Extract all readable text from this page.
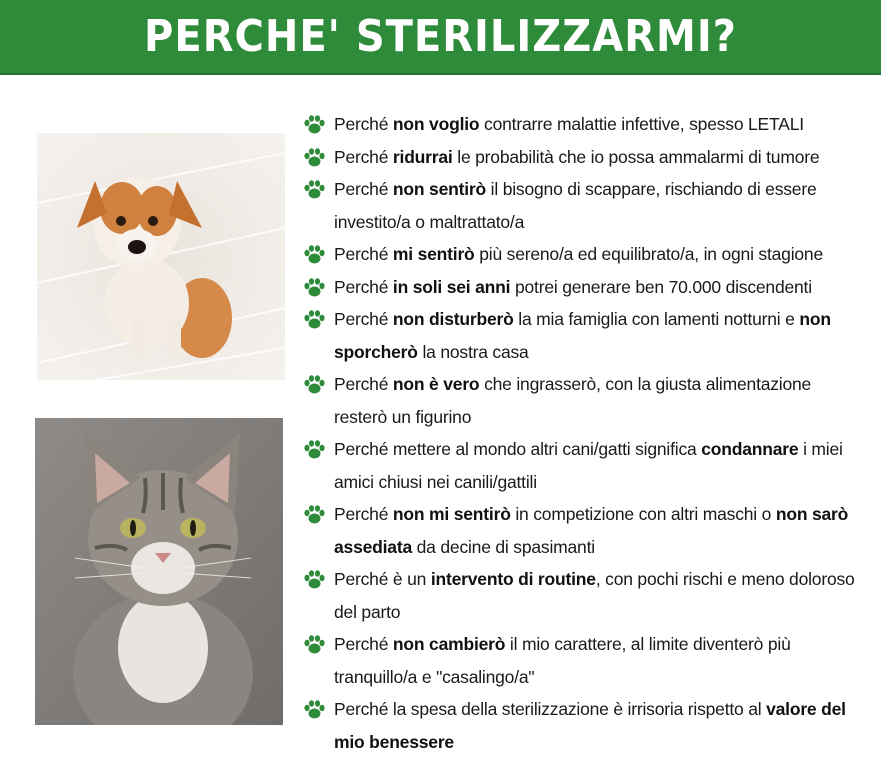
PERCHE' STERILIZZARMI?
Perché non voglio contrarre malattie infettive, spesso LETALI
Perché ridurrai le probabilità che io possa ammalarmi di tumore
Perché non sentirò il bisogno di scappare, rischiando di essere investito/a o maltrattato/a
Perché mi sentirò più sereno/a ed equilibrato/a, in ogni stagione
Perché in soli sei anni potrei generare ben 70.000 discendenti
Perché non disturberò la mia famiglia con lamenti notturni e non sporcherò la nostra casa
Perché non è vero che ingrasserò, con la giusta alimentazione resterò un figurino
Perché mettere al mondo altri cani/gatti significa condannare i miei amici chiusi nei canili/gattili
Perché non mi sentirò in competizione con altri maschi o non sarò assediata da decine di spasimanti
Perché è un intervento di routine, con pochi rischi e meno doloroso del parto
Perché non cambierò il mio carattere, al limite diventerò più tranquillo/a e "casalingo/a"
Perché la spesa della sterilizzazione è irrisoria rispetto al valore del mio benessere
